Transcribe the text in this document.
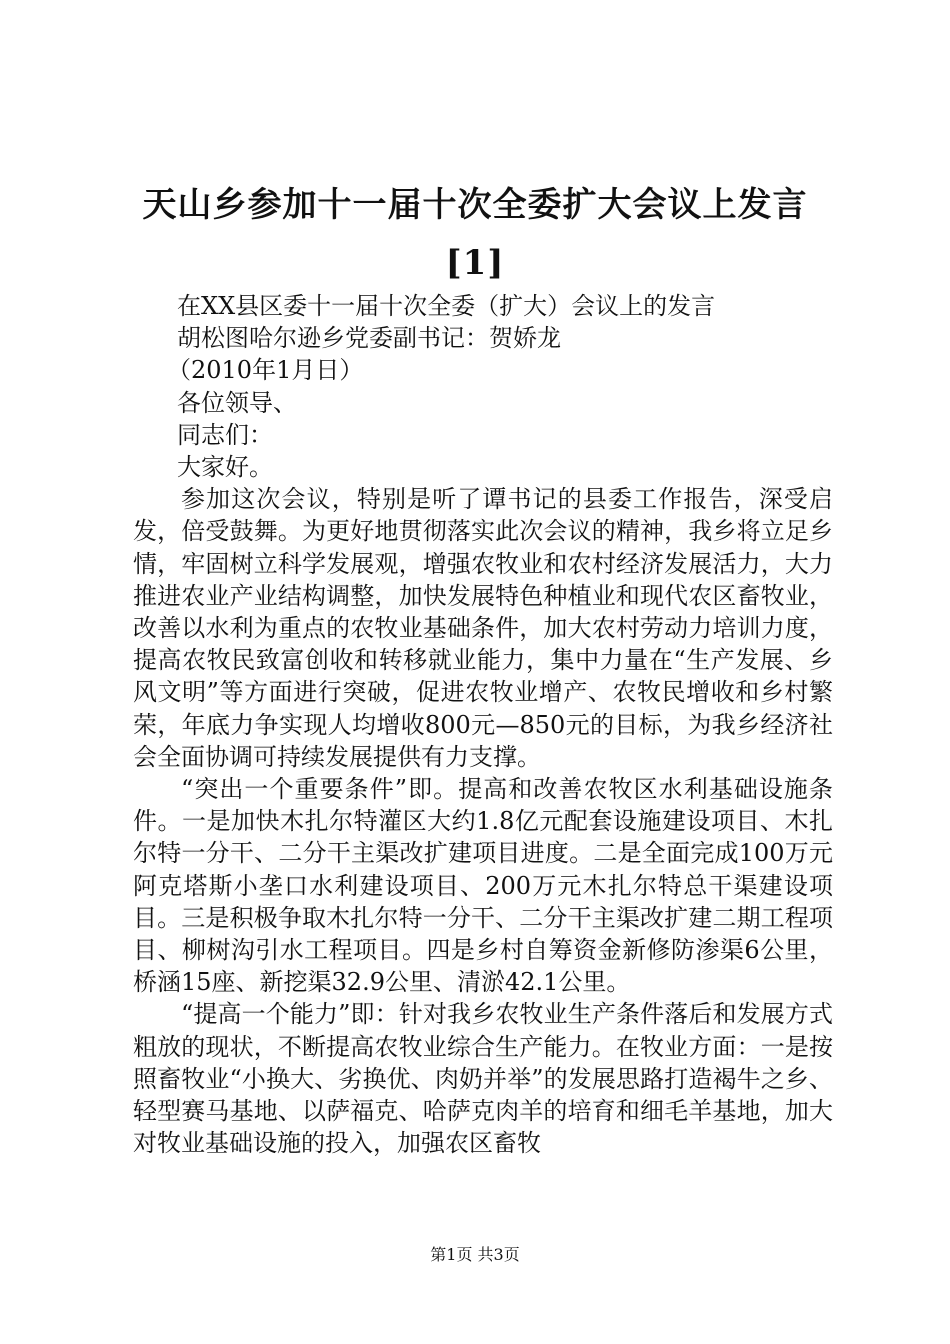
天山乡参加十一届十次全委扩大会议上发言
[1]
在XX县区委十一届十次全委（扩大）会议上的发言
胡松图哈尔逊乡党委副书记：贺娇龙
（2010年1月日）
各位领导、
同志们：
大家好。

参加这次会议，特别是听了谭书记的县委工作报告，深受启发，倍受鼓舞。为更好地贯彻落实此次会议的精神，我乡将立足乡情，牢固树立科学发展观，增强农牧业和农村经济发展活力，大力推进农业产业结构调整，加快发展特色种植业和现代农区畜牧业，改善以水利为重点的农牧业基础条件，加大农村劳动力培训力度，提高农牧民致富创收和转移就业能力，集中力量在“生产发展、乡风文明”等方面进行突破，促进农牧业增产、农牧民增收和乡村繁荣，年底力争实现人均增收800元—850元的目标，为我乡经济社会全面协调可持续发展提供有力支撑。

“突出一个重要条件”即。提高和改善农牧区水利基础设施条件。一是加快木扎尔特灌区大约1.8亿元配套设施建设项目、木扎尔特一分干、二分干主渠改扩建项目进度。二是全面完成100万元阿克塔斯小垄口水利建设项目、200万元木扎尔特总干渠建设项目。三是积极争取木扎尔特一分干、二分干主渠改扩建二期工程项目、柳树沟引水工程项目。四是乡村自筹资金新修防渗渠6公里，桥涵15座、新挖渠32.9公里、清淤42.1公里。

“提高一个能力”即：针对我乡农牧业生产条件落后和发展方式粗放的现状，不断提高农牧业综合生产能力。在牧业方面：一是按照畜牧业“小换大、劣换优、肉奶并举”的发展思路打造褐牛之乡、轻型赛马基地、以萨福克、哈萨克肉羊的培育和细毛羊基地，加大对牧业基础设施的投入，加强农区畜牧

第1页 共3页
